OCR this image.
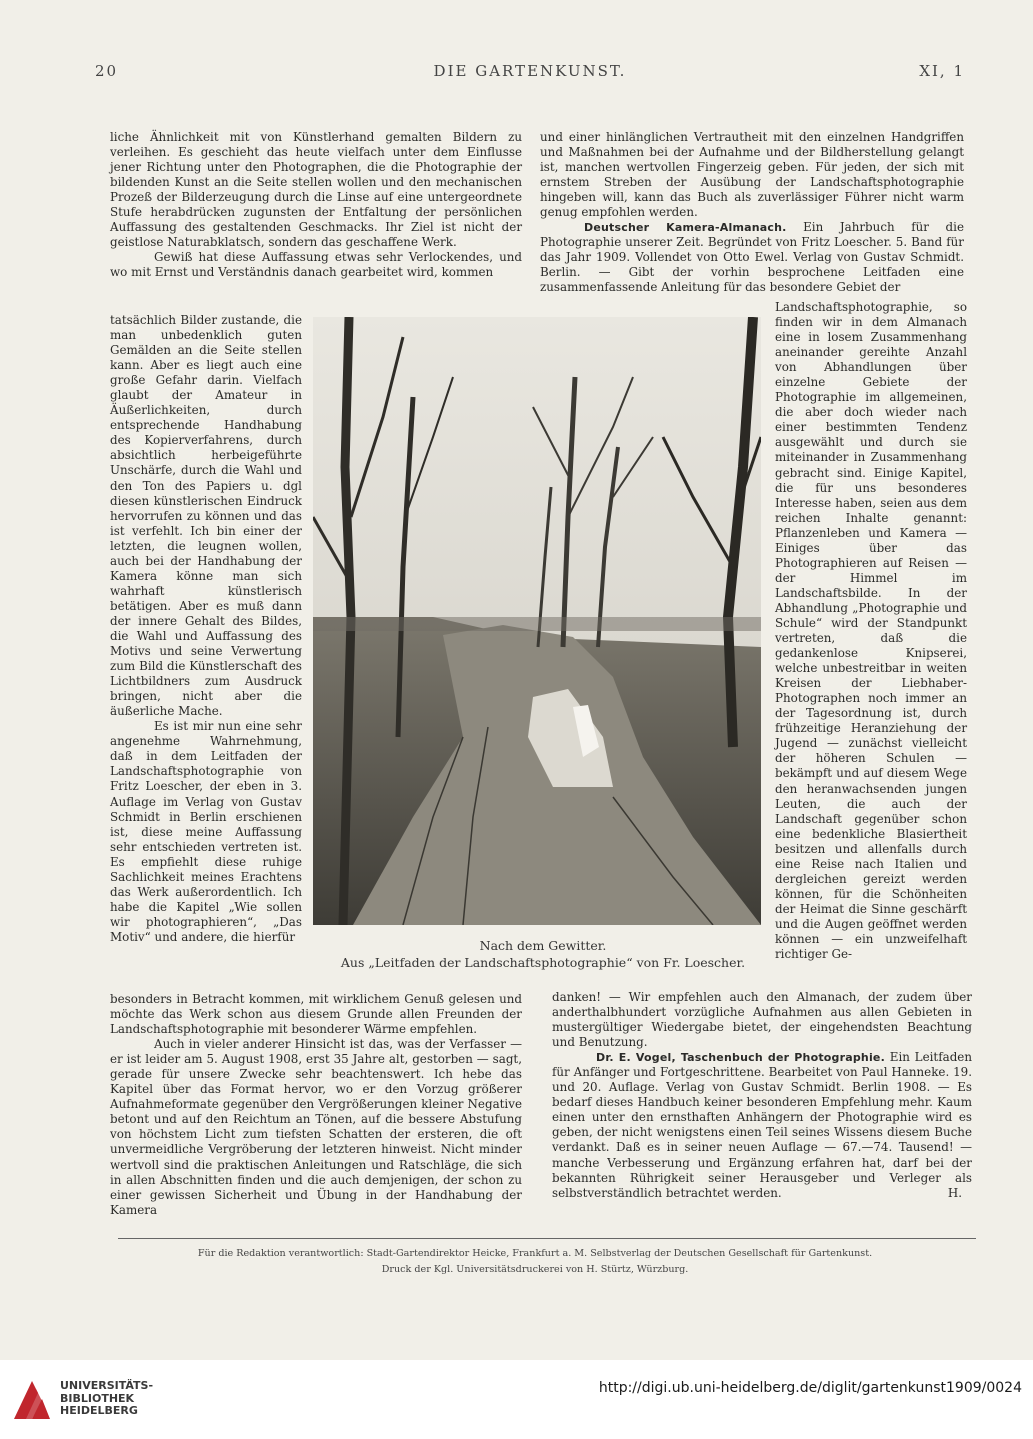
20	DIE GARTENKUNST.	XI, 1

liche Ähnlichkeit mit von Künstlerhand gemalten Bildern zu verleihen. Es geschieht das heute vielfach unter dem Einflusse jener Richtung unter den Photographen, die die Photographie der bildenden Kunst an die Seite stellen wollen und den mechanischen Prozeß der Bilderzeugung durch die Linse auf eine untergeordnete Stufe herabdrücken zugunsten der Entfaltung der persönlichen Auffassung des gestaltenden Geschmacks. Ihr Ziel ist nicht der geistlose Naturabklatsch, sondern das geschaffene Werk.

Gewiß hat diese Auffassung etwas sehr Verlockendes, und wo mit Ernst und Verständnis danach gearbeitet wird, kommen

tatsächlich Bilder zustande, die man unbedenklich guten Gemälden an die Seite stellen kann. Aber es liegt auch eine große Gefahr darin. Vielfach glaubt der Amateur in Äußerlichkeiten, durch entsprechende Handhabung des Kopierverfahrens, durch absichtlich herbeigeführte Unschärfe, durch die Wahl und den Ton des Papiers u. dgl diesen künstlerischen Eindruck hervorrufen zu können und das ist verfehlt. Ich bin einer der letzten, die leugnen wollen, auch bei der Handhabung der Kamera könne man sich wahrhaft künstlerisch betätigen. Aber es muß dann der innere Gehalt des Bildes, die Wahl und Auffassung des Motivs und seine Verwertung zum Bild die Künstlerschaft des Lichtbildners zum Ausdruck bringen, nicht aber die äußerliche Mache.

Es ist mir nun eine sehr angenehme Wahrnehmung, daß in dem Leitfaden der Landschaftsphotographie von Fritz Loescher, der eben in 3. Auflage im Verlag von Gustav Schmidt in Berlin erschienen ist, diese meine Auffassung sehr entschieden vertreten ist. Es empfiehlt diese ruhige Sachlichkeit meines Erachtens das Werk außerordentlich. Ich habe die Kapitel „Wie sollen wir photographieren“, „Das Motiv“ und andere, die hierfür

besonders in Betracht kommen, mit wirklichem Genuß gelesen und möchte das Werk schon aus diesem Grunde allen Freunden der Landschaftsphotographie mit besonderer Wärme empfehlen.

Auch in vieler anderer Hinsicht ist das, was der Verfasser — er ist leider am 5. August 1908, erst 35 Jahre alt, gestorben — sagt, gerade für unsere Zwecke sehr beachtenswert. Ich hebe das Kapitel über das Format hervor, wo er den Vorzug größerer Aufnahmeformate gegenüber den Vergrößerungen kleiner Negative betont und auf den Reichtum an Tönen, auf die bessere Abstufung von höchstem Licht zum tiefsten Schatten der ersteren, die oft unvermeidliche Vergröberung der letzteren hinweist. Nicht minder wertvoll sind die praktischen Anleitungen und Ratschläge, die sich in allen Abschnitten finden und die auch demjenigen, der schon zu einer gewissen Sicherheit und Übung in der Handhabung der Kamera

und einer hinlänglichen Vertrautheit mit den einzelnen Handgriffen und Maßnahmen bei der Aufnahme und der Bildherstellung gelangt ist, manchen wertvollen Fingerzeig geben. Für jeden, der sich mit ernstem Streben der Ausübung der Landschaftsphotographie hingeben will, kann das Buch als zuverlässiger Führer nicht warm genug empfohlen werden.

Deutscher Kamera-Almanach. Ein Jahrbuch für die Photographie unserer Zeit. Begründet von Fritz Loescher. 5. Band für das Jahr 1909. Vollendet von Otto Ewel. Verlag von Gustav Schmidt. Berlin. — Gibt der vorhin besprochene Leitfaden eine zusammenfassende Anleitung für das besondere Gebiet der

Landschaftsphotographie, so finden wir in dem Almanach eine in losem Zusammenhang aneinander gereihte Anzahl von Abhandlungen über einzelne Gebiete der Photographie im allgemeinen, die aber doch wieder nach einer bestimmten Tendenz ausgewählt und durch sie miteinander in Zusammenhang gebracht sind. Einige Kapitel, die für uns besonderes Interesse haben, seien aus dem reichen Inhalte genannt: Pflanzenleben und Kamera — Einiges über das Photographieren auf Reisen — der Himmel im Landschaftsbilde. In der Abhandlung „Photographie und Schule“ wird der Standpunkt vertreten, daß die gedankenlose Knipserei, welche unbestreitbar in weiten Kreisen der Liebhaber-Photographen noch immer an der Tagesordnung ist, durch frühzeitige Heranziehung der Jugend — zunächst vielleicht der höheren Schulen — bekämpft und auf diesem Wege den heranwachsenden jungen Leuten, die auch der Landschaft gegenüber schon eine bedenkliche Blasiertheit besitzen und allenfalls durch eine Reise nach Italien und dergleichen gereizt werden können, für die Schönheiten der Heimat die Sinne geschärft und die Augen geöffnet werden können — ein unzweifelhaft richtiger Ge-

danken! — Wir empfehlen auch den Almanach, der zudem über anderthalbhundert vorzügliche Aufnahmen aus allen Gebieten in mustergültiger Wiedergabe bietet, der eingehendsten Beachtung und Benutzung.

Dr. E. Vogel, Taschenbuch der Photographie. Ein Leitfaden für Anfänger und Fortgeschrittene. Bearbeitet von Paul Hanneke. 19. und 20. Auflage. Verlag von Gustav Schmidt. Berlin 1908. — Es bedarf dieses Handbuch keiner besonderen Empfehlung mehr. Kaum einen unter den ernsthaften Anhängern der Photographie wird es geben, der nicht wenigstens einen Teil seines Wissens diesem Buche verdankt. Daß es in seiner neuen Auflage — 67.—74. Tausend! — manche Verbesserung und Ergänzung erfahren hat, darf bei der bekannten Rührigkeit seiner Herausgeber und Verleger als selbstverständlich betrachtet werden.	H.

Nach dem Gewitter.
Aus „Leitfaden der Landschaftsphotographie“ von Fr. Loescher.
Für die Redaktion verantwortlich: Stadt-Gartendirektor Heicke, Frankfurt a. M. Selbstverlag der Deutschen Gesellschaft für Gartenkunst.
Druck der Kgl. Universitätsdruckerei von H. Stürtz, Würzburg.
UNIVERSITÄTS-
BIBLIOTHEK
HEIDELBERG
http://digi.ub.uni-heidelberg.de/diglit/gartenkunst1909/0024
